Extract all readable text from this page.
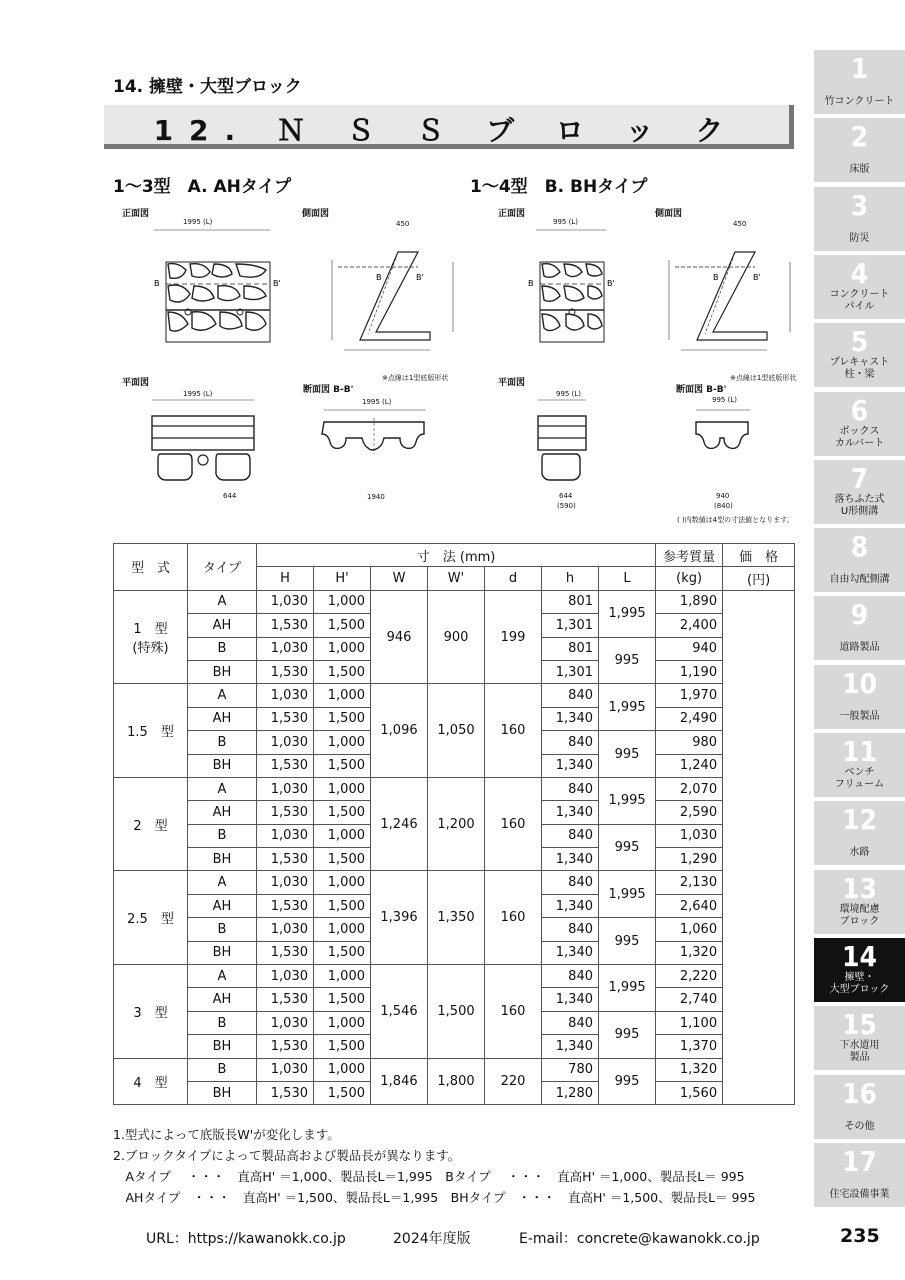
14. 擁壁・大型ブロック
12. Ｎ Ｓ Ｓ ブ ロ ッ ク
1～3型　A. AHタイプ	1～4型　B. BHタイプ
正面図	側面図	正面図	側面図
平面図
断面図 B-B'
平面図
断面図 B-B'
1995 (L)	995 (L)
1995 (L)	995 (L)
1995 (L)	995 (L)
450	450
※点線は1型底版形状	※点線は1型底版形状
1940	644
644
(590)
940
(840)
( )内数値は4型の寸法値となります。
B	B'
B	B'
B	B'
B	B'
型　式	タイプ	寸　法 (mm)							参考質量	価　格
		H	H'	W	W'	d	h	L	(kg)	(円)
1　型
(特殊)	A	1,030	1,000	946	900	199	801	1,995	1,890	
	AH	1,530	1,500				1,301		2,400	
	B	1,030	1,000				801	995	940	
	BH	1,530	1,500				1,301		1,190	
1.5　型	A	1,030	1,000	1,096	1,050	160	840	1,995	1,970	
	AH	1,530	1,500				1,340		2,490	
	B	1,030	1,000				840	995	980	
	BH	1,530	1,500				1,340		1,240	
2　型	A	1,030	1,000	1,246	1,200	160	840	1,995	2,070	
	AH	1,530	1,500				1,340		2,590	
	B	1,030	1,000				840	995	1,030	
	BH	1,530	1,500				1,340		1,290	
2.5　型	A	1,030	1,000	1,396	1,350	160	840	1,995	2,130	
	AH	1,530	1,500				1,340		2,640	
	B	1,030	1,000				840	995	1,060	
	BH	1,530	1,500				1,340		1,320	
3　型	A	1,030	1,000	1,546	1,500	160	840	1,995	2,220	
	AH	1,530	1,500				1,340		2,740	
	B	1,030	1,000				840	995	1,100	
	BH	1,530	1,500				1,340		1,370	
4　型	B	1,030	1,000	1,846	1,800	220	780	995	1,320	
	BH	1,530	1,500				1,280		1,560	
1.型式によって底版長W'が変化します。
2.ブロックタイプによって製品高および製品長が異なります。
　Aタイプ　 ・・・　直高H' ＝1,000、製品長L＝1,995　Bタイプ　 ・・・　直高H' ＝1,000、製品長L＝ 995
　AHタイプ　・・・　直高H' ＝1,500、製品長L＝1,995　BHタイプ　・・・　直高H' ＝1,500、製品長L＝ 995
URL：https://kawanokk.co.jp	2024年度版	E-mail：concrete@kawanokk.co.jp	235
1
竹コンクリート
2
床版
3
防災
4
コンクリート
パイル
5
プレキャスト
柱・梁
6
ボックス
カルバート
7
落ちふた式
U形側溝
8
自由勾配側溝
9
道路製品
10
一般製品
11
ベンチ
フリューム
12
水路
13
環境配慮
ブロック
14
擁壁・
大型ブロック
15
下水道用
製品
16
その他
17
住宅設備事業
